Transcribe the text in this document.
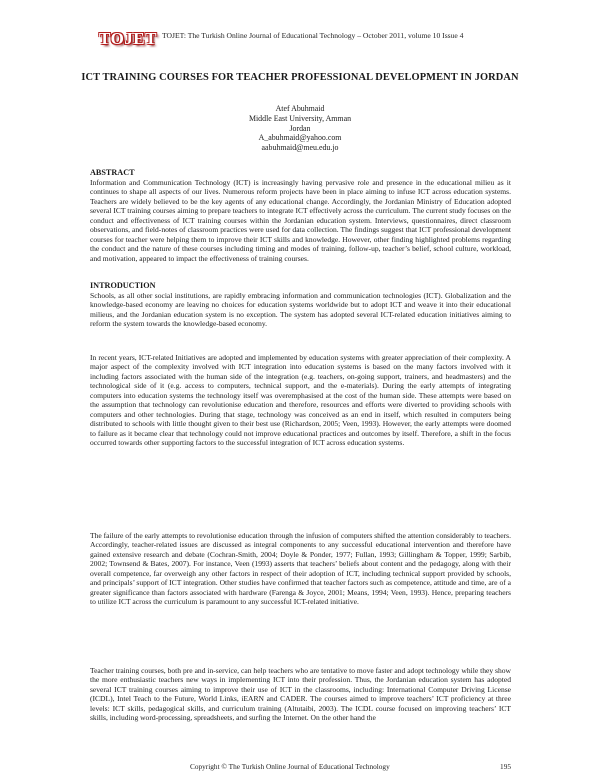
TOJET TOJET: The Turkish Online Journal of Educational Technology – October 2011, volume 10 Issue 4
ICT TRAINING COURSES FOR TEACHER PROFESSIONAL DEVELOPMENT IN JORDAN
Atef Abuhmaid
Middle East University, Amman
Jordan
A_abuhmaid@yahoo.com
aabuhmaid@meu.edu.jo
ABSTRACT

Information and Communication Technology (ICT) is increasingly having pervasive role and presence in the educational milieu as it continues to shape all aspects of our lives. Numerous reform projects have been in place aiming to infuse ICT across education systems. Teachers are widely believed to be the key agents of any educational change. Accordingly, the Jordanian Ministry of Education adopted several ICT training courses aiming to prepare teachers to integrate ICT effectively across the curriculum. The current study focuses on the conduct and effectiveness of ICT training courses within the Jordanian education system. Interviews, questionnaires, direct classroom observations, and field-notes of classroom practices were used for data collection. The findings suggest that ICT professional development courses for teacher were helping them to improve their ICT skills and knowledge. However, other finding highlighted problems regarding the conduct and the nature of these courses including timing and modes of training, follow-up, teacher’s belief, school culture, workload, and motivation, appeared to impact the effectiveness of training courses.

INTRODUCTION

Schools, as all other social institutions, are rapidly embracing information and communication technologies (ICT). Globalization and the knowledge-based economy are leaving no choices for education systems worldwide but to adopt ICT and weave it into their educational milieus, and the Jordanian education system is no exception. The system has adopted several ICT-related education initiatives aiming to reform the system towards the knowledge-based economy.

In recent years, ICT-related Initiatives are adopted and implemented by education systems with greater appreciation of their complexity. A major aspect of the complexity involved with ICT integration into education systems is based on the many factors involved with it including factors associated with the human side of the integration (e.g. teachers, on-going support, trainers, and headmasters) and the technological side of it (e.g. access to computers, technical support, and the e-materials). During the early attempts of integrating computers into education systems the technology itself was overemphasised at the cost of the human side. These attempts were based on the assumption that technology can revolutionise education and therefore, resources and efforts were diverted to providing schools with computers and other technologies. During that stage, technology was conceived as an end in itself, which resulted in computers being distributed to schools with little thought given to their best use (Richardson, 2005; Veen, 1993). However, the early attempts were doomed to failure as it became clear that technology could not improve educational practices and outcomes by itself. Therefore, a shift in the focus occurred towards other supporting factors to the successful integration of ICT across education systems.

The failure of the early attempts to revolutionise education through the infusion of computers shifted the attention considerably to teachers. Accordingly, teacher-related issues are discussed as integral components to any successful educational intervention and therefore have gained extensive research and debate (Cochran-Smith, 2004; Doyle & Ponder, 1977; Fullan, 1993; Gillingham & Topper, 1999; Sarbib, 2002; Townsend & Bates, 2007). For instance, Veen (1993) asserts that teachers’ beliefs about content and the pedagogy, along with their overall competence, far overweigh any other factors in respect of their adoption of ICT, including technical support provided by schools, and principals’ support of ICT integration. Other studies have confirmed that teacher factors such as competence, attitude and time, are of a greater significance than factors associated with hardware (Farenga & Joyce, 2001; Means, 1994; Veen, 1993). Hence, preparing teachers to utilize ICT across the curriculum is paramount to any successful ICT-related initiative.

Teacher training courses, both pre and in-service, can help teachers who are tentative to move faster and adopt technology while they show the more enthusiastic teachers new ways in implementing ICT into their profession. Thus, the Jordanian education system has adopted several ICT training courses aiming to improve their use of ICT in the classrooms, including: International Computer Driving License (ICDL), Intel Teach to the Future, World Links, iEARN and CADER. The courses aimed to improve teachers’ ICT proficiency at three levels: ICT skills, pedagogical skills, and curriculum training (Altutaibi, 2003). The ICDL course focused on improving teachers’ ICT skills, including word-processing, spreadsheets, and surfing the Internet. On the other hand the

Copyright © The Turkish Online Journal of Educational Technology	195
